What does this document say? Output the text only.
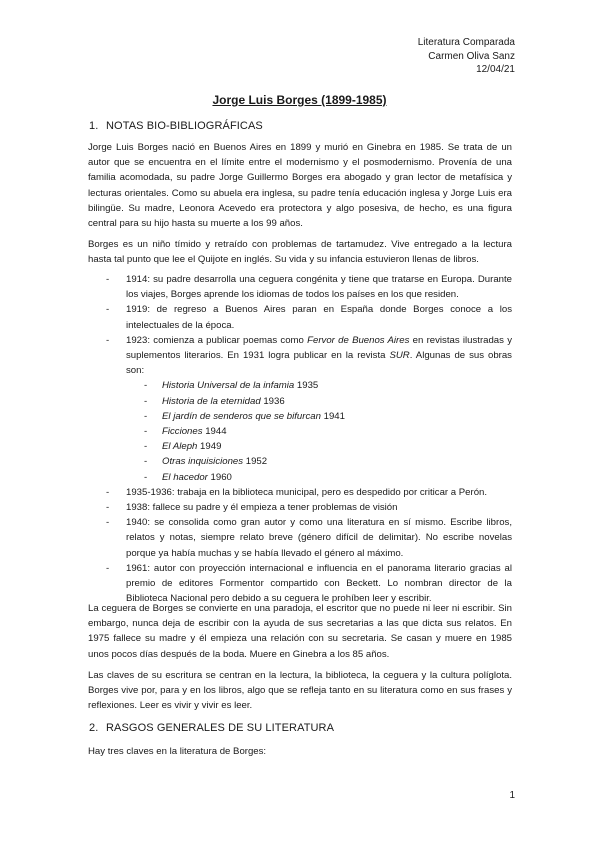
Literatura Comparada
Carmen Oliva Sanz
12/04/21
Jorge Luis Borges (1899-1985)
1. NOTAS BIO-BIBLIOGRÁFICAS

Jorge Luis Borges nació en Buenos Aires en 1899 y murió en Ginebra en 1985. Se trata de un autor que se encuentra en el límite entre el modernismo y el posmodernismo. Provenía de una familia acomodada, su padre Jorge Guillermo Borges era abogado y gran lector de metafísica y lecturas orientales. Como su abuela era inglesa, su padre tenía educación inglesa y Jorge Luis era bilingüe. Su madre, Leonora Acevedo era protectora y algo posesiva, de hecho, es una figura central para su hijo hasta su muerte a los 99 años.

Borges es un niño tímido y retraído con problemas de tartamudez. Vive entregado a la lectura hasta tal punto que lee el Quijote en inglés. Su vida y su infancia estuvieron llenas de libros.

- 1914: su padre desarrolla una ceguera congénita y tiene que tratarse en Europa. Durante los viajes, Borges aprende los idiomas de todos los países en los que residen.
- 1919: de regreso a Buenos Aires paran en España donde Borges conoce a los intelectuales de la época.
- 1923: comienza a publicar poemas como Fervor de Buenos Aires en revistas ilustradas y suplementos literarios. En 1931 logra publicar en la revista SUR. Algunas de sus obras son:
- Historia Universal de la infamia 1935
- Historia de la eternidad 1936
- El jardín de senderos que se bifurcan 1941
- Ficciones 1944
- El Aleph 1949
- Otras inquisiciones 1952
- El hacedor 1960
- 1935-1936: trabaja en la biblioteca municipal, pero es despedido por criticar a Perón.
- 1938: fallece su padre y él empieza a tener problemas de visión
- 1940: se consolida como gran autor y como una literatura en sí mismo. Escribe libros, relatos y notas, siempre relato breve (género difícil de delimitar). No escribe novelas porque ya había muchas y se había llevado el género al máximo.
- 1961: autor con proyección internacional e influencia en el panorama literario gracias al premio de editores Formentor compartido con Beckett. Lo nombran director de la Biblioteca Nacional pero debido a su ceguera le prohíben leer y escribir.

La ceguera de Borges se convierte en una paradoja, el escritor que no puede ni leer ni escribir. Sin embargo, nunca deja de escribir con la ayuda de sus secretarias a las que dicta sus relatos. En 1975 fallece su madre y él empieza una relación con su secretaria. Se casan y muere en 1985 unos pocos días después de la boda. Muere en Ginebra a los 85 años.

Las claves de su escritura se centran en la lectura, la biblioteca, la ceguera y la cultura políglota. Borges vive por, para y en los libros, algo que se refleja tanto en su literatura como en sus frases y reflexiones. Leer es vivir y vivir es leer.

2. RASGOS GENERALES DE SU LITERATURA

Hay tres claves en la literatura de Borges:

1
